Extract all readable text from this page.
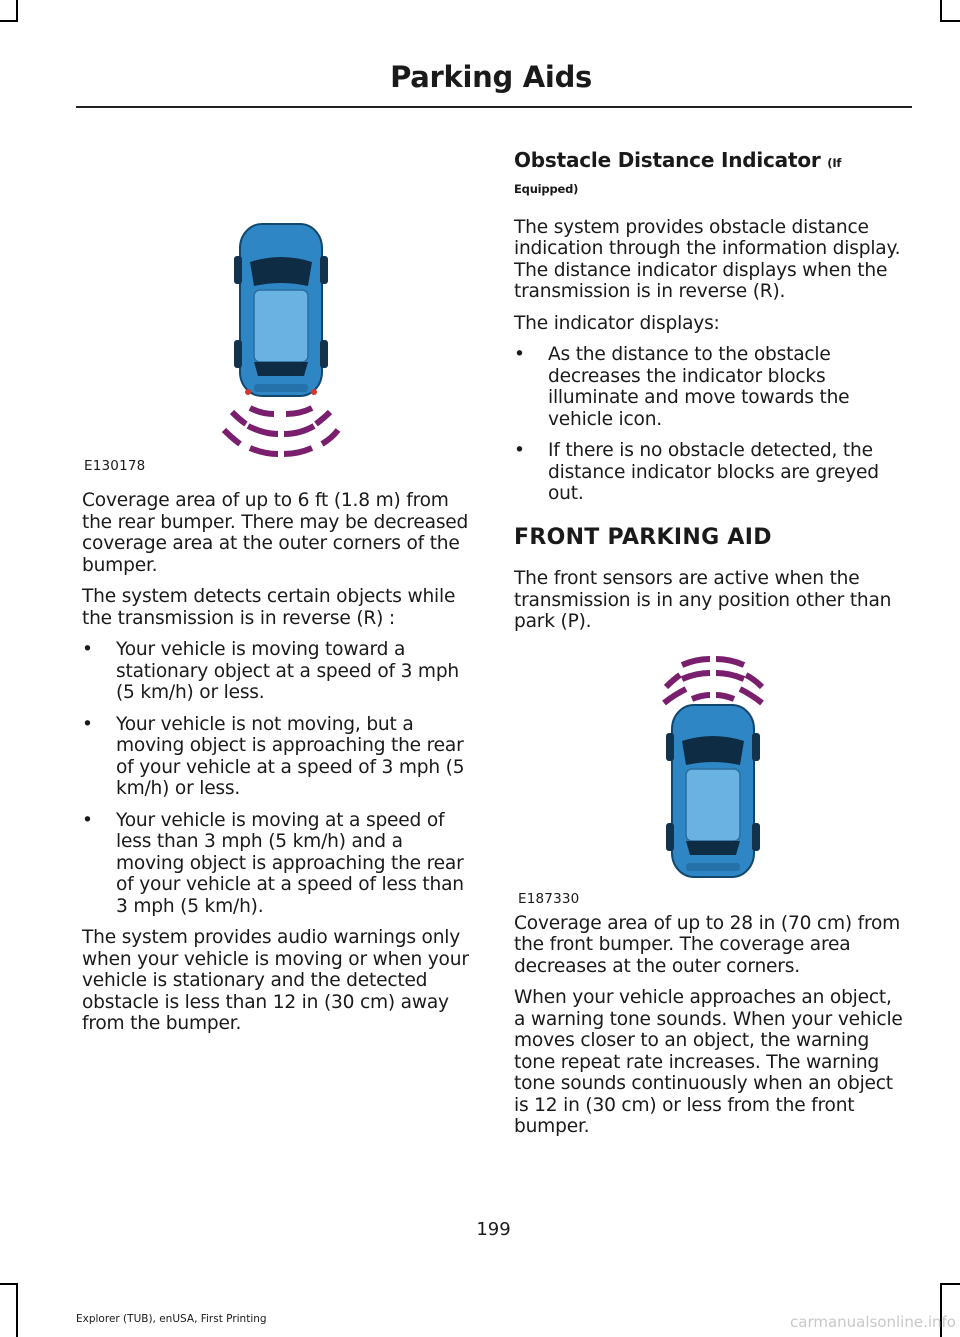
Parking Aids
E130178

Coverage area of up to 6 ft (1.8 m) from the rear bumper. There may be decreased coverage area at the outer corners of the bumper.

The system detects certain objects while the transmission is in reverse (R) :

• Your vehicle is moving toward a stationary object at a speed of 3 mph (5 km/h) or less.
• Your vehicle is not moving, but a moving object is approaching the rear of your vehicle at a speed of 3 mph (5 km/h) or less.
• Your vehicle is moving at a speed of less than 3 mph (5 km/h) and a moving object is approaching the rear of your vehicle at a speed of less than 3 mph (5 km/h).

The system provides audio warnings only when your vehicle is moving or when your vehicle is stationary and the detected obstacle is less than 12 in (30 cm) away from the bumper.

Obstacle Distance Indicator (If
Equipped)

The system provides obstacle distance indication through the information display. The distance indicator displays when the transmission is in reverse (R).

The indicator displays:

• As the distance to the obstacle decreases the indicator blocks illuminate and move towards the vehicle icon.
• If there is no obstacle detected, the distance indicator blocks are greyed out.
FRONT PARKING AID

The front sensors are active when the transmission is in any position other than park (P).

E187330

Coverage area of up to 28 in (70 cm) from the front bumper. The coverage area decreases at the outer corners.

When your vehicle approaches an object, a warning tone sounds. When your vehicle moves closer to an object, the warning tone repeat rate increases. The warning tone sounds continuously when an object is 12 in (30 cm) or less from the front bumper.

199
Explorer (TUB), enUSA, First Printing	carmanualsonline.info
